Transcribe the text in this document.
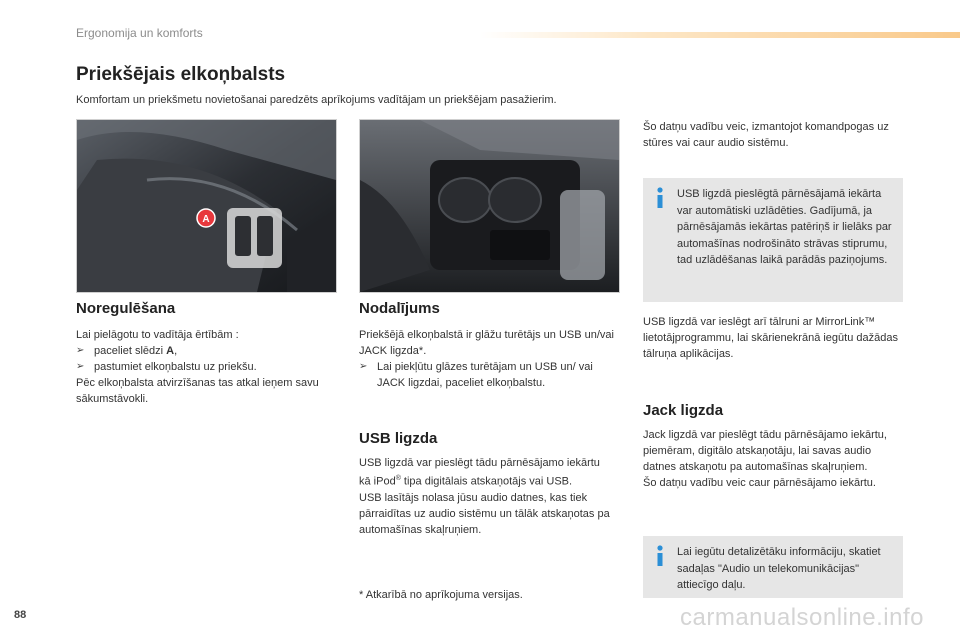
Ergonomija un komforts
Priekšējais elkoņbalsts
Komfortam un priekšmetu novietošanai paredzēts aprīkojums vadītājam un priekšējam pasažierim.
A
Noregulēšana

Lai pielāgotu to vadītāja ērtībām :

➢ paceliet slēdzi A,

➢ pastumiet elkoņbalstu uz priekšu.

Pēc elkoņbalsta atvirzīšanas tas atkal ieņem savu sākumstāvokli.

Nodalījums

Priekšējā elkoņbalstā ir glāžu turētājs un USB un/vai JACK ligzda*.

➢ Lai piekļūtu glāzes turētājam un USB un/ vai JACK ligzdai, paceliet elkoņbalstu.

USB ligzda

USB ligzdā var pieslēgt tādu pārnēsājamo iekārtu kā iPod® tipa digitālais atskaņotājs vai USB.

USB lasītājs nolasa jūsu audio datnes, kas tiek pārraidītas uz audio sistēmu un tālāk atskaņotas pa automašīnas skaļruņiem.

* Atkarībā no aprīkojuma versijas.

Šo datņu vadību veic, izmantojot komandpogas uz stūres vai caur audio sistēmu.

USB ligzdā pieslēgtā pārnēsājamā iekārta var automātiski uzlādēties. Gadījumā, ja pārnēsājamās iekārtas patēriņš ir lielāks par automašīnas nodrošināto strāvas stiprumu, tad uzlādēšanas laikā parādās paziņojums.

USB ligzdā var ieslēgt arī tālruni ar MirrorLink™ lietotājprogrammu, lai skārienekrānā iegūtu dažādas tālruņa aplikācijas.

Jack ligzda

Jack ligzdā var pieslēgt tādu pārnēsājamo iekārtu, piemēram, digitālo atskaņotāju, lai savas audio datnes atskaņotu pa automašīnas skaļruņiem.

Šo datņu vadību veic caur pārnēsājamo iekārtu.

Lai iegūtu detalizētāku informāciju, skatiet sadaļas "Audio un telekomunikācijas" attiecīgo daļu.

88	carmanualsonline.info
